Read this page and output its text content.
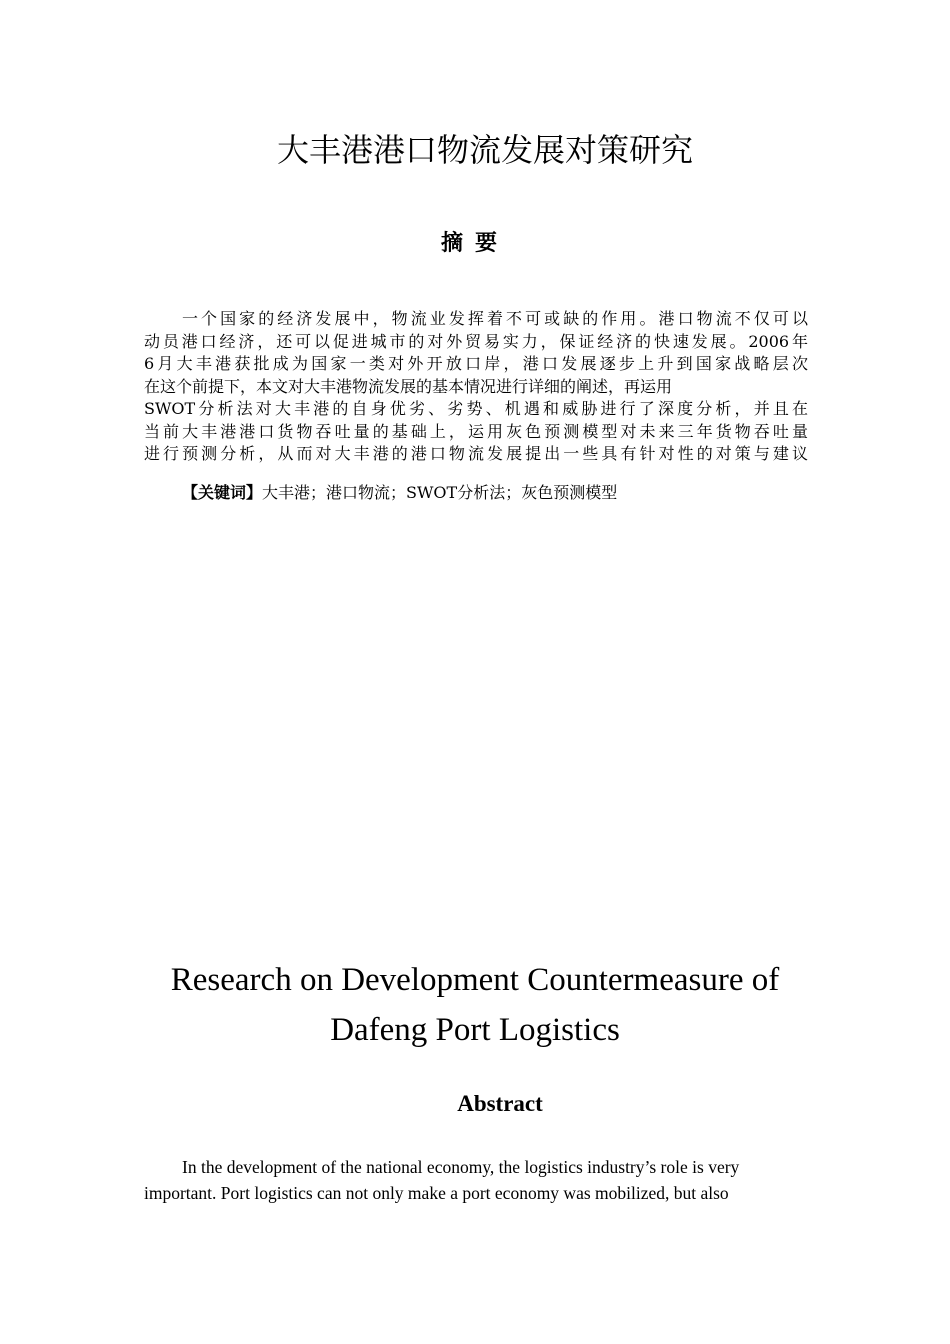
大丰港港口物流发展对策研究
摘要
一个国家的经济发展中，物流业发挥着不可或缺的作用。港口物流不仅可以
动员港口经济，还可以促进城市的对外贸易实力，保证经济的快速发展。2006年
6月大丰港获批成为国家一类对外开放口岸，港口发展逐步上升到国家战略层次
在这个前提下，本文对大丰港物流发展的基本情况进行详细的阐述，再运用
SWOT分析法对大丰港的自身优劣、劣势、机遇和威胁进行了深度分析，并且在
当前大丰港港口货物吞吐量的基础上，运用灰色预测模型对未来三年货物吞吐量
进行预测分析，从而对大丰港的港口物流发展提出一些具有针对性的对策与建议

【关键词】大丰港；港口物流；SWOT分析法；灰色预测模型

Research on Development Countermeasure of
Dafeng Port Logistics
Abstract
In the development of the national economy, the logistics industry’s role is very
important. Port logistics can not only make a port economy was mobilized, but also
